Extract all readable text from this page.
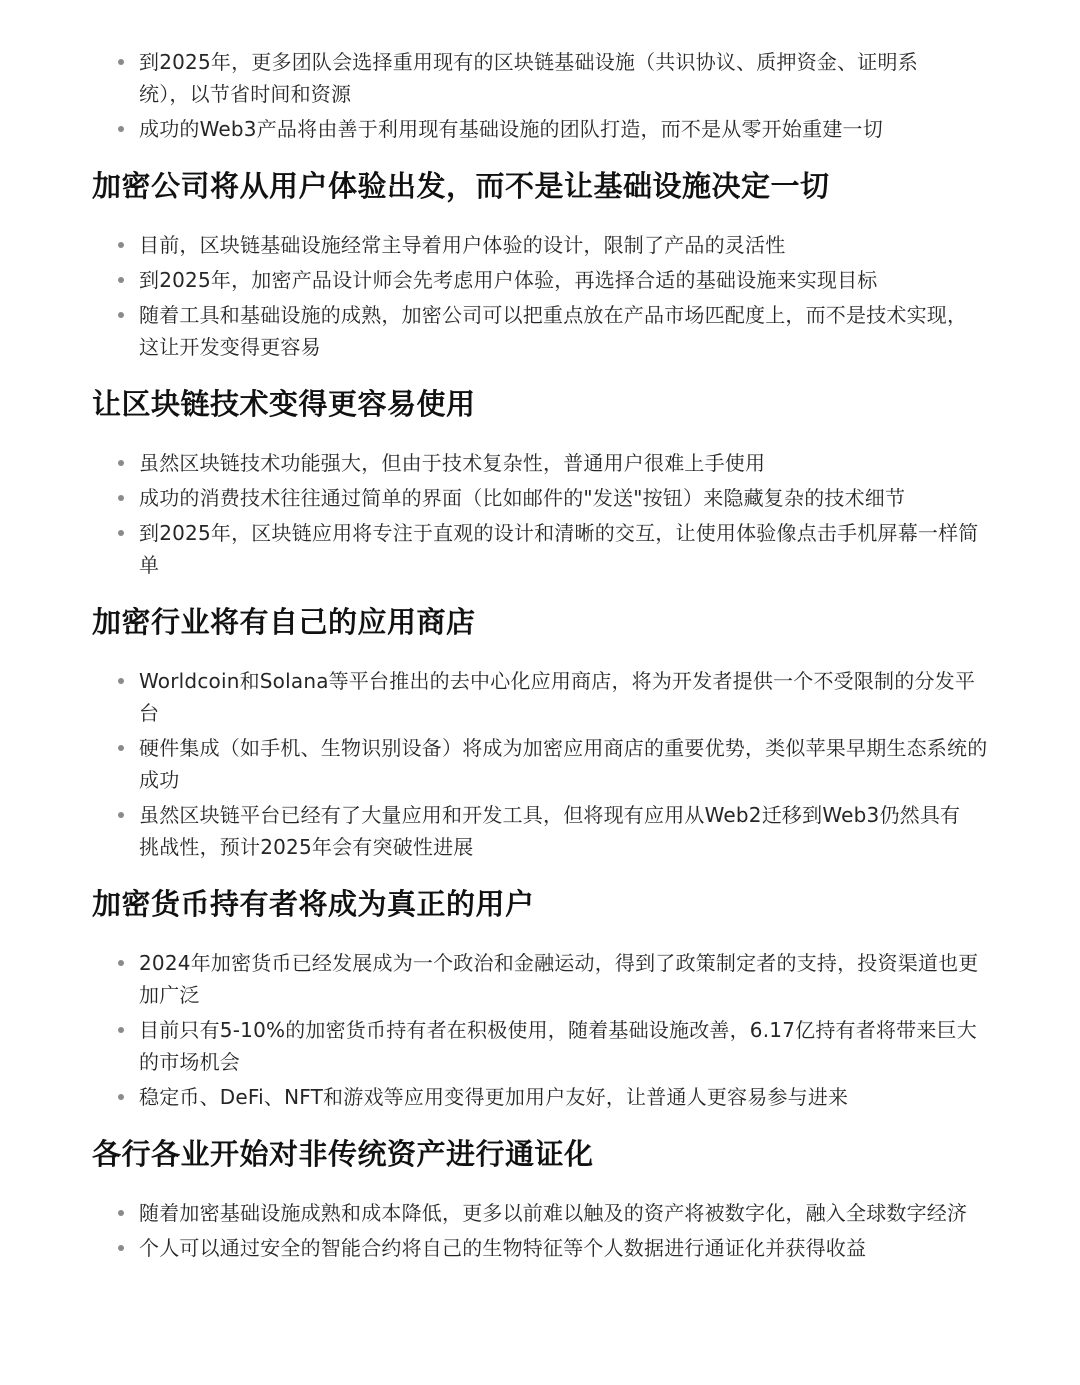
到2025年，更多团队会选择重用现有的区块链基础设施（共识协议、质押资金、证明系统），以节省时间和资源
成功的Web3产品将由善于利用现有基础设施的团队打造，而不是从零开始重建一切
加密公司将从用户体验出发，而不是让基础设施决定一切
目前，区块链基础设施经常主导着用户体验的设计，限制了产品的灵活性
到2025年，加密产品设计师会先考虑用户体验，再选择合适的基础设施来实现目标
随着工具和基础设施的成熟，加密公司可以把重点放在产品市场匹配度上，而不是技术实现，这让开发变得更容易
让区块链技术变得更容易使用
虽然区块链技术功能强大，但由于技术复杂性，普通用户很难上手使用
成功的消费技术往往通过简单的界面（比如邮件的"发送"按钮）来隐藏复杂的技术细节
到2025年，区块链应用将专注于直观的设计和清晰的交互，让使用体验像点击手机屏幕一样简单
加密行业将有自己的应用商店
Worldcoin和Solana等平台推出的去中心化应用商店，将为开发者提供一个不受限制的分发平台
硬件集成（如手机、生物识别设备）将成为加密应用商店的重要优势，类似苹果早期生态系统的成功
虽然区块链平台已经有了大量应用和开发工具，但将现有应用从Web2迁移到Web3仍然具有挑战性，预计2025年会有突破性进展
加密货币持有者将成为真正的用户
2024年加密货币已经发展成为一个政治和金融运动，得到了政策制定者的支持，投资渠道也更加广泛
目前只有5-10%的加密货币持有者在积极使用，随着基础设施改善，6.17亿持有者将带来巨大的市场机会
稳定币、DeFi、NFT和游戏等应用变得更加用户友好，让普通人更容易参与进来
各行各业开始对非传统资产进行通证化
随着加密基础设施成熟和成本降低，更多以前难以触及的资产将被数字化，融入全球数字经济
个人可以通过安全的智能合约将自己的生物特征等个人数据进行通证化并获得收益
